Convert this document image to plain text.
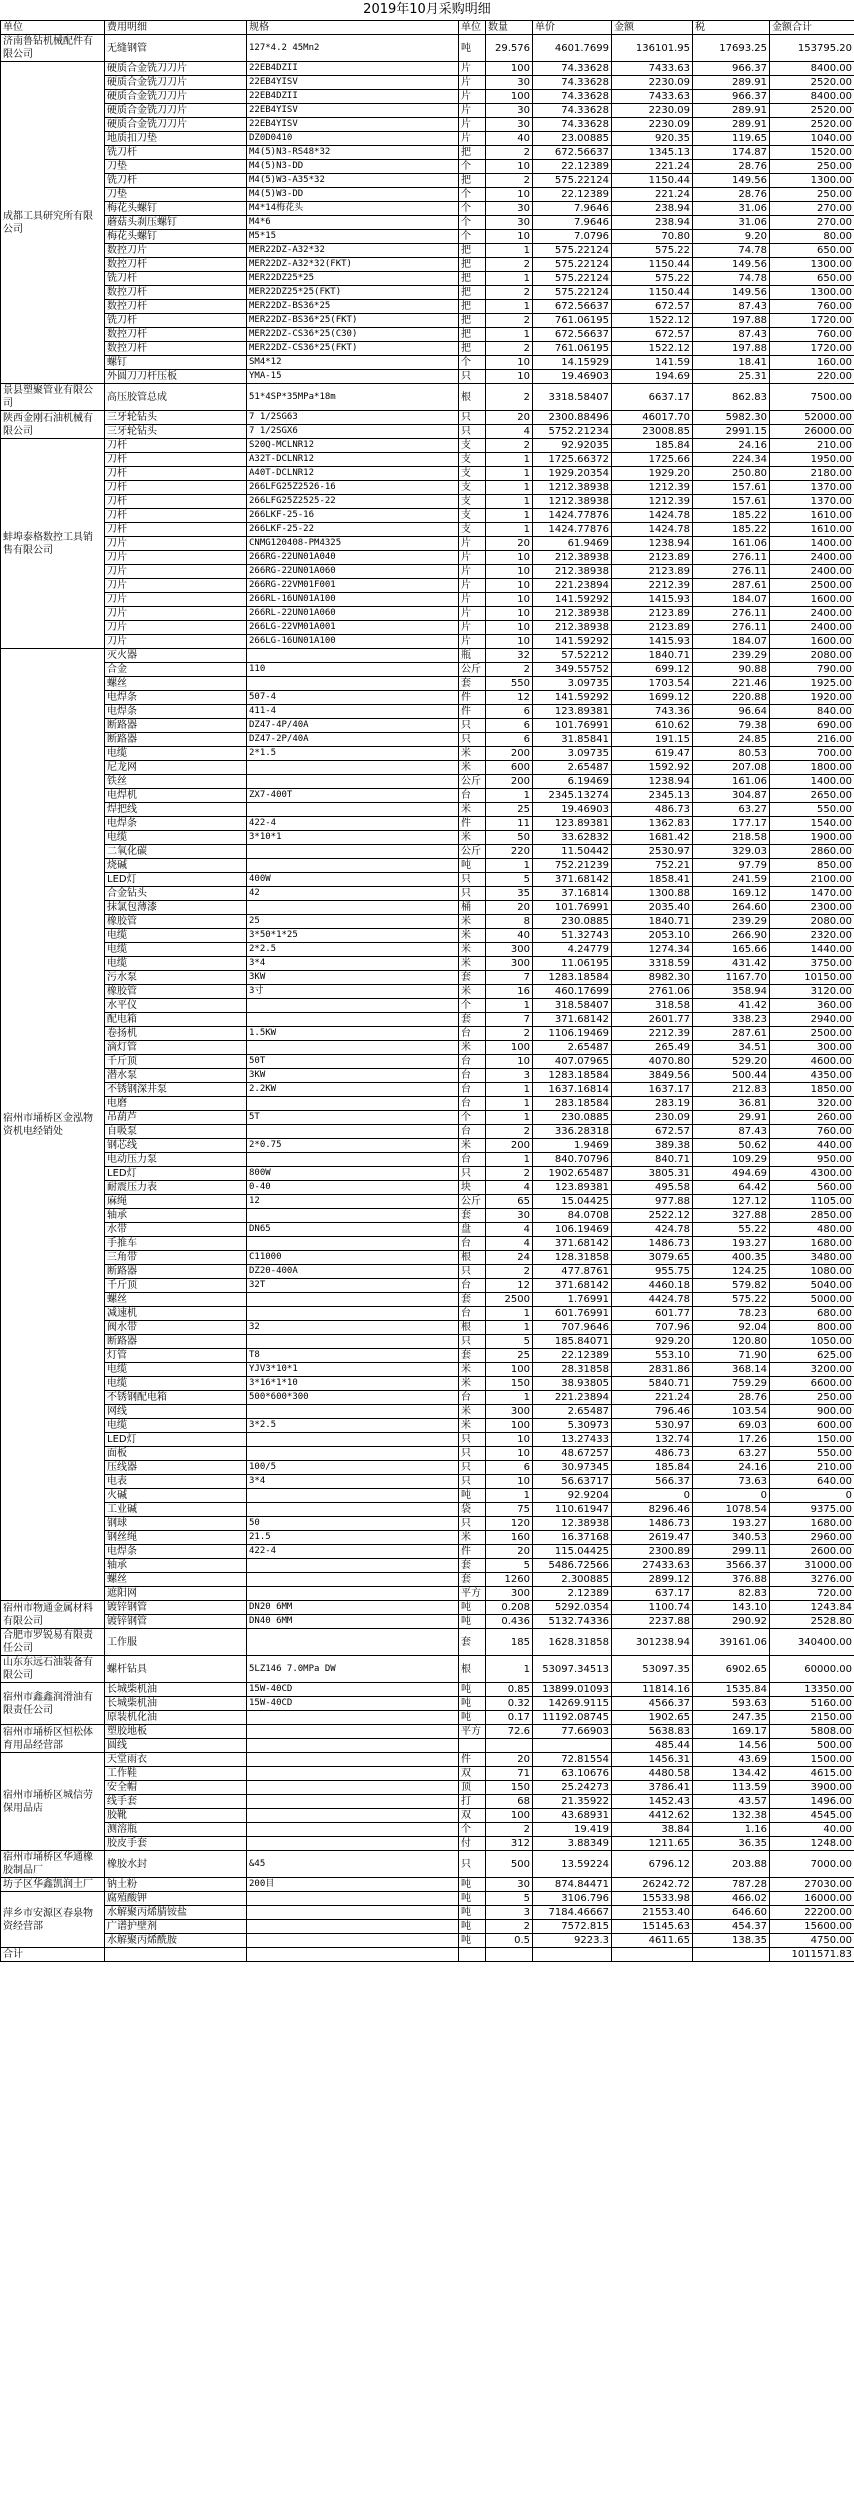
2019年10月采购明细
单位	费用明细	规格	单位	数量	单价	金额	税	金额合计
济南鲁钻机械配件有限公司	无缝钢管	127*4.2 45Mn2	吨	29.576	4601.7699	136101.95	17693.25	153795.20
成都工具研究所有限公司	硬质合金铣刀刀片	22EB4DZII	片	100	74.33628	7433.63	966.37	8400.00
	硬质合金铣刀刀片	22EB4YISV	片	30	74.33628	2230.09	289.91	2520.00
	硬质合金铣刀刀片	22EB4DZII	片	100	74.33628	7433.63	966.37	8400.00
	硬质合金铣刀刀片	22EB4YISV	片	30	74.33628	2230.09	289.91	2520.00
	硬质合金铣刀刀片	22EB4YISV	片	30	74.33628	2230.09	289.91	2520.00
	地质扣刀垫	DZ0D0410	片	40	23.00885	920.35	119.65	1040.00
	铣刀杆	M4(5)N3-RS48*32	把	2	672.56637	1345.13	174.87	1520.00
	刀垫	M4(5)N3-DD	个	10	22.12389	221.24	28.76	250.00
	铣刀杆	M4(5)W3-A35*32	把	2	575.22124	1150.44	149.56	1300.00
	刀垫	M4(5)W3-DD	个	10	22.12389	221.24	28.76	250.00
	梅花头螺钉	M4*14梅花头	个	30	7.9646	238.94	31.06	270.00
	蘑菇头刹压螺钉	M4*6	个	30	7.9646	238.94	31.06	270.00
	梅花头螺钉	M5*15	个	10	7.0796	70.80	9.20	80.00
	数控刀片	MER22DZ-A32*32	把	1	575.22124	575.22	74.78	650.00
	数控刀杆	MER22DZ-A32*32(FKT)	把	2	575.22124	1150.44	149.56	1300.00
	铣刀杆	MER22DZ25*25	把	1	575.22124	575.22	74.78	650.00
	数控刀杆	MER22DZ25*25(FKT)	把	2	575.22124	1150.44	149.56	1300.00
	数控刀杆	MER22DZ-BS36*25	把	1	672.56637	672.57	87.43	760.00
	铣刀杆	MER22DZ-BS36*25(FKT)	把	2	761.06195	1522.12	197.88	1720.00
	数控刀杆	MER22DZ-CS36*25(C30)	把	1	672.56637	672.57	87.43	760.00
	数控刀杆	MER22DZ-CS36*25(FKT)	把	2	761.06195	1522.12	197.88	1720.00
	螺钉	SM4*12	个	10	14.15929	141.59	18.41	160.00
	外圆刀刀杆压板	YMA-15	只	10	19.46903	194.69	25.31	220.00
景县塑聚管业有限公司	高压胶管总成	51*4SP*35MPa*18m	根	2	3318.58407	6637.17	862.83	7500.00
陕西金刚石油机械有限公司	三牙轮钻头	7 1/2SG63	只	20	2300.88496	46017.70	5982.30	52000.00
	三牙轮钻头	7 1/2SGX6	只	4	5752.21234	23008.85	2991.15	26000.00
蚌埠泰格数控工具销售有限公司	刀杆	S20Q-MCLNR12	支	2	92.92035	185.84	24.16	210.00
	刀杆	A32T-DCLNR12	支	1	1725.66372	1725.66	224.34	1950.00
	刀杆	A40T-DCLNR12	支	1	1929.20354	1929.20	250.80	2180.00
	刀杆	266LFG25Z2526-16	支	1	1212.38938	1212.39	157.61	1370.00
	刀杆	266LFG25Z2525-22	支	1	1212.38938	1212.39	157.61	1370.00
	刀杆	266LKF-25-16	支	1	1424.77876	1424.78	185.22	1610.00
	刀杆	266LKF-25-22	支	1	1424.77876	1424.78	185.22	1610.00
	刀片	CNMG120408-PM4325	片	20	61.9469	1238.94	161.06	1400.00
	刀片	266RG-22UN01A040	片	10	212.38938	2123.89	276.11	2400.00
	刀片	266RG-22UN01A060	片	10	212.38938	2123.89	276.11	2400.00
	刀片	266RG-22VM01F001	片	10	221.23894	2212.39	287.61	2500.00
	刀片	266RL-16UN01A100	片	10	141.59292	1415.93	184.07	1600.00
	刀片	266RL-22UN01A060	片	10	212.38938	2123.89	276.11	2400.00
	刀片	266LG-22VM01A001	片	10	212.38938	2123.89	276.11	2400.00
	刀片	266LG-16UN01A100	片	10	141.59292	1415.93	184.07	1600.00
宿州市埇桥区金泓物资机电经销处	灭火器		瓶	32	57.52212	1840.71	239.29	2080.00
	合金	110	公斤	2	349.55752	699.12	90.88	790.00
	螺丝		套	550	3.09735	1703.54	221.46	1925.00
	电焊条	507-4	件	12	141.59292	1699.12	220.88	1920.00
	电焊条	411-4	件	6	123.89381	743.36	96.64	840.00
	断路器	DZ47-4P/40A	只	6	101.76991	610.62	79.38	690.00
	断路器	DZ47-2P/40A	只	6	31.85841	191.15	24.85	216.00
	电缆	2*1.5	米	200	3.09735	619.47	80.53	700.00
	尼龙网		米	600	2.65487	1592.92	207.08	1800.00
	铁丝		公斤	200	6.19469	1238.94	161.06	1400.00
	电焊机	ZX7-400T	台	1	2345.13274	2345.13	304.87	2650.00
	焊把线		米	25	19.46903	486.73	63.27	550.00
	电焊条	422-4	件	11	123.89381	1362.83	177.17	1540.00
	电缆	3*10*1	米	50	33.62832	1681.42	218.58	1900.00
	二氧化碳		公斤	220	11.50442	2530.97	329.03	2860.00
	烧碱		吨	1	752.21239	752.21	97.79	850.00
	LED灯	400W	只	5	371.68142	1858.41	241.59	2100.00
	合金钻头	42	只	35	37.16814	1300.88	169.12	1470.00
	抹氯包薄漆		桶	20	101.76991	2035.40	264.60	2300.00
	橡胶管	25	米	8	230.0885	1840.71	239.29	2080.00
	电缆	3*50*1*25	米	40	51.32743	2053.10	266.90	2320.00
	电缆	2*2.5	米	300	4.24779	1274.34	165.66	1440.00
	电缆	3*4	米	300	11.06195	3318.59	431.42	3750.00
	污水泵	3KW	套	7	1283.18584	8982.30	1167.70	10150.00
	橡胶管	3寸	米	16	460.17699	2761.06	358.94	3120.00
	水平仪		个	1	318.58407	318.58	41.42	360.00
	配电箱		套	7	371.68142	2601.77	338.23	2940.00
	卷扬机	1.5KW	台	2	1106.19469	2212.39	287.61	2500.00
	滴灯管		米	100	2.65487	265.49	34.51	300.00
	千斤顶	50T	台	10	407.07965	4070.80	529.20	4600.00
	潜水泵	3KW	台	3	1283.18584	3849.56	500.44	4350.00
	不锈钢深井泵	2.2KW	台	1	1637.16814	1637.17	212.83	1850.00
	电磨		台	1	283.18584	283.19	36.81	320.00
	吊葫芦	5T	个	1	230.0885	230.09	29.91	260.00
	自吸泵		台	2	336.28318	672.57	87.43	760.00
	钢芯线	2*0.75	米	200	1.9469	389.38	50.62	440.00
	电动压力泵		台	1	840.70796	840.71	109.29	950.00
	LED灯	800W	只	2	1902.65487	3805.31	494.69	4300.00
	耐震压力表	0-40	块	4	123.89381	495.58	64.42	560.00
	麻绳	12	公斤	65	15.04425	977.88	127.12	1105.00
	轴承		套	30	84.0708	2522.12	327.88	2850.00
	水带	DN65	盘	4	106.19469	424.78	55.22	480.00
	手推车		台	4	371.68142	1486.73	193.27	1680.00
	三角带	C11000	根	24	128.31858	3079.65	400.35	3480.00
	断路器	DZ20-400A	只	2	477.8761	955.75	124.25	1080.00
	千斤顶	32T	台	12	371.68142	4460.18	579.82	5040.00
	螺丝		套	2500	1.76991	4424.78	575.22	5000.00
	减速机		台	1	601.76991	601.77	78.23	680.00
	阀水带	32	根	1	707.9646	707.96	92.04	800.00
	断路器		只	5	185.84071	929.20	120.80	1050.00
	灯管	T8	套	25	22.12389	553.10	71.90	625.00
	电缆	YJV3*10*1	米	100	28.31858	2831.86	368.14	3200.00
	电缆	3*16*1*10	米	150	38.93805	5840.71	759.29	6600.00
	不锈钢配电箱	500*600*300	台	1	221.23894	221.24	28.76	250.00
	网线		米	300	2.65487	796.46	103.54	900.00
	电缆	3*2.5	米	100	5.30973	530.97	69.03	600.00
	LED灯		只	10	13.27433	132.74	17.26	150.00
	面板		只	10	48.67257	486.73	63.27	550.00
	压线器	100/5	只	6	30.97345	185.84	24.16	210.00
	电表	3*4	只	10	56.63717	566.37	73.63	640.00
	火碱		吨	1	92.9204	0	0	0
	工业碱		袋	75	110.61947	8296.46	1078.54	9375.00
	钢球	50	只	120	12.38938	1486.73	193.27	1680.00
	钢丝绳	21.5	米	160	16.37168	2619.47	340.53	2960.00
	电焊条	422-4	件	20	115.04425	2300.89	299.11	2600.00
	轴承		套	5	5486.72566	27433.63	3566.37	31000.00
	螺丝		套	1260	2.300885	2899.12	376.88	3276.00
	遮阳网		平方	300	2.12389	637.17	82.83	720.00
宿州市物通金属材料有限公司	镀锌钢管	DN20 6MM	吨	0.208	5292.0354	1100.74	143.10	1243.84
	镀锌钢管	DN40 6MM	吨	0.436	5132.74336	2237.88	290.92	2528.80
合肥市罗锐易有限责任公司	工作服		套	185	1628.31858	301238.94	39161.06	340400.00
山东东远石油装备有限公司	螺杆钻具	5LZ146 7.0MPa DW	根	1	53097.34513	53097.35	6902.65	60000.00
宿州市鑫鑫润滑油有限责任公司	长城柴机油	15W-40CD	吨	0.85	13899.01093	11814.16	1535.84	13350.00
	长城柴机油	15W-40CD	吨	0.32	14269.9115	4566.37	593.63	5160.00
	原装机化油		吨	0.17	11192.08745	1902.65	247.35	2150.00
宿州市埇桥区恒松体育用品经营部	塑胶地板		平方	72.6	77.66903	5638.83	169.17	5808.00
	圆线					485.44	14.56	500.00
宿州市埇桥区城信劳保用品店	天堂雨衣		件	20	72.81554	1456.31	43.69	1500.00
	工作鞋		双	71	63.10676	4480.58	134.42	4615.00
	安全帽		顶	150	25.24273	3786.41	113.59	3900.00
	线手套		打	68	21.35922	1452.43	43.57	1496.00
	胶靴		双	100	43.68931	4412.62	132.38	4545.00
	测溶瓶		个	2	19.419	38.84	1.16	40.00
	胶皮手套		付	312	3.88349	1211.65	36.35	1248.00
宿州市埇桥区华通橡胶制品厂	橡胶水封	&45	只	500	13.59224	6796.12	203.88	7000.00
坊子区华鑫凯润土厂	钠土粉	200目	吨	30	874.84471	26242.72	787.28	27030.00
萍乡市安源区春泉物资经营部	腐殖酸钾		吨	5	3106.796	15533.98	466.02	16000.00
	水解聚丙烯腈铵盐		吨	3	7184.46667	21553.40	646.60	22200.00
	广谱护壁剂		吨	2	7572.815	15145.63	454.37	15600.00
	水解聚丙烯酰胺		吨	0.5	9223.3	4611.65	138.35	4750.00
合计								1011571.83
